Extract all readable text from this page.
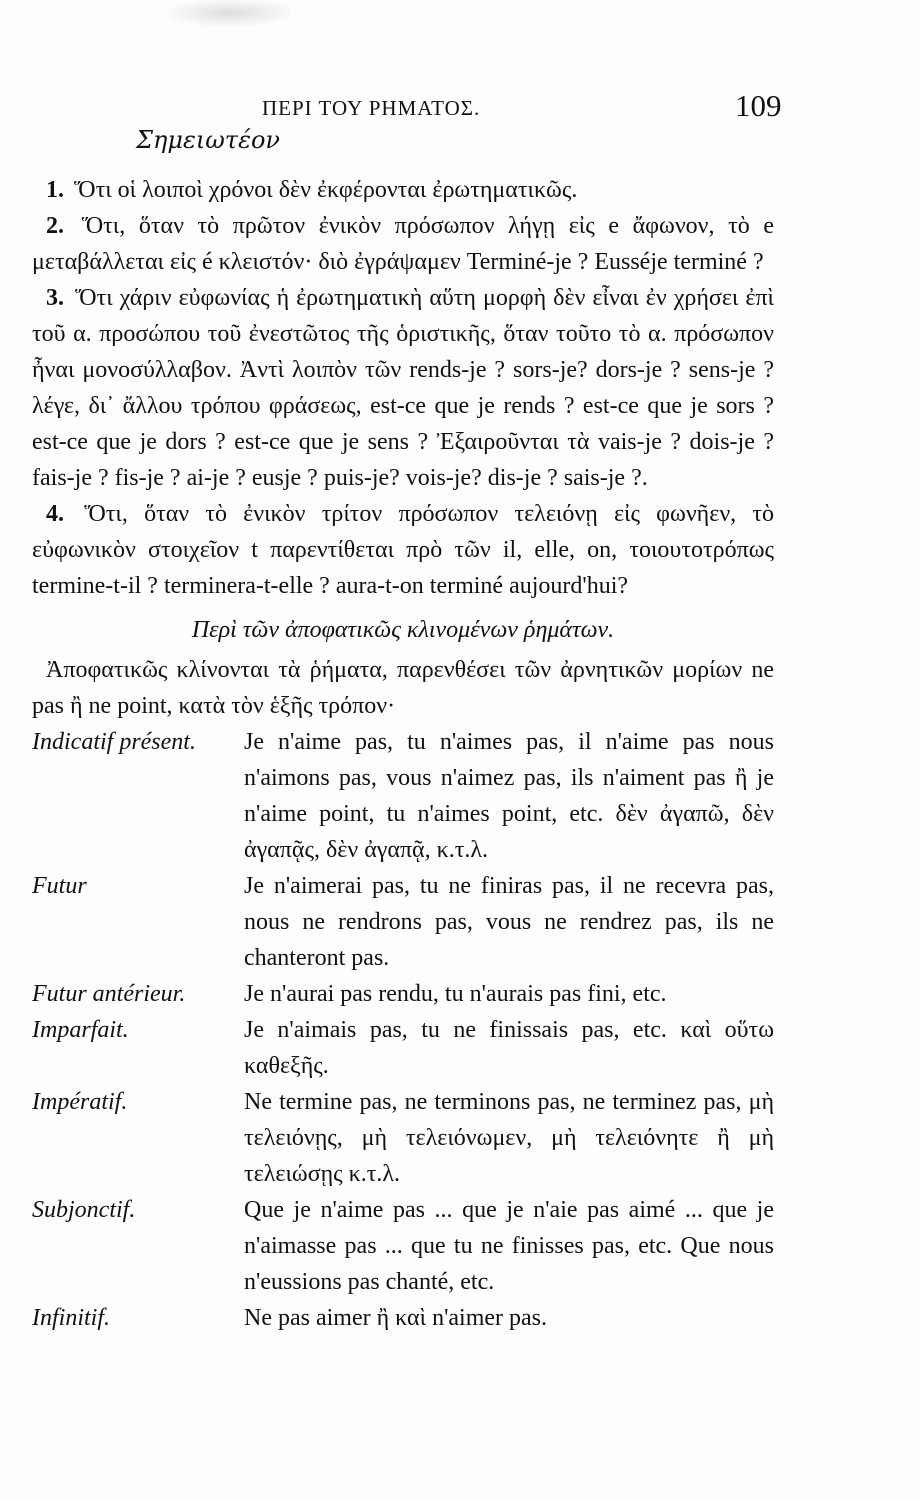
ΠΕΡΙ ΤΟΥ ΡΗΜΑΤΟΣ.	109
Σημειωτέον

1. Ὅτι οἱ λοιποὶ χρόνοι δὲν ἐκφέρονται ἐρωτηματικῶς.

2. Ὅτι, ὅταν τὸ πρῶτον ἐνικὸν πρόσωπον λήγῃ εἰς e ἄφωνον, τὸ e μεταβάλλεται εἰς é κλειστόν· διὸ ἐγράψαμεν Terminé-je ? Eusséje terminé ?

3. Ὅτι χάριν εὐφωνίας ἡ ἐρωτηματικὴ αὕτη μορφὴ δὲν εἶναι ἐν χρήσει ἐπὶ τοῦ α. προσώπου τοῦ ἐνεστῶτος τῆς ὁριστικῆς, ὅταν τοῦτο τὸ α. πρόσωπον ἦναι μονοσύλλαβον. Ἀντὶ λοιπὸν τῶν rends-je ? sors-je? dors-je ? sens-je ? λέγε, δι᾽ ἄλλου τρόπου φράσεως, est-ce que je rends ? est-ce que je sors ? est-ce que je dors ? est-ce que je sens ? Ἐξαιροῦνται τὰ vais-je ? dois-je ? fais-je ? fis-je ? ai-je ? eusje ? puis-je? vois-je? dis-je ? sais-je ?.

4. Ὅτι, ὅταν τὸ ἐνικὸν τρίτον πρόσωπον τελειόνῃ εἰς φωνῆεν, τὸ εὐφωνικὸν στοιχεῖον t παρεντίθεται πρὸ τῶν il, elle, on, τοιουτοτρόπως termine-t-il ? terminera-t-elle ? aura-t-on terminé aujourd'hui?

Περὶ τῶν ἀποφατικῶς κλινομένων ῥημάτων.

Ἀποφατικῶς κλίνονται τὰ ῥήματα, παρενθέσει τῶν ἀρνητικῶν μορίων ne pas ἢ ne point, κατὰ τὸν ἑξῆς τρόπον·

Indicatif présent.	Je n'aime pas, tu n'aimes pas, il n'aime pas nous n'aimons pas, vous n'aimez pas, ils n'aiment pas ἢ je n'aime point, tu n'aimes point, etc. δὲν ἀγαπῶ, δὲν ἀγαπᾷς, δὲν ἀγαπᾷ, κ.τ.λ.
Futur	Je n'aimerai pas, tu ne finiras pas, il ne recevra pas, nous ne rendrons pas, vous ne rendrez pas, ils ne chanteront pas.
Futur antérieur.	Je n'aurai pas rendu, tu n'aurais pas fini, etc.
Imparfait.	Je n'aimais pas, tu ne finissais pas, etc. καὶ οὕτω καθεξῆς.
Impératif.	Ne termine pas, ne terminons pas, ne terminez pas, μὴ τελειόνῃς, μὴ τελειόνωμεν, μὴ τελειόνητε ἢ μὴ τελειώσῃς κ.τ.λ.
Subjonctif.	Que je n'aime pas ... que je n'aie pas aimé ... que je n'aimasse pas ... que tu ne finisses pas, etc. Que nous n'eussions pas chanté, etc.
Infinitif.	Ne pas aimer ἢ καὶ n'aimer pas.
